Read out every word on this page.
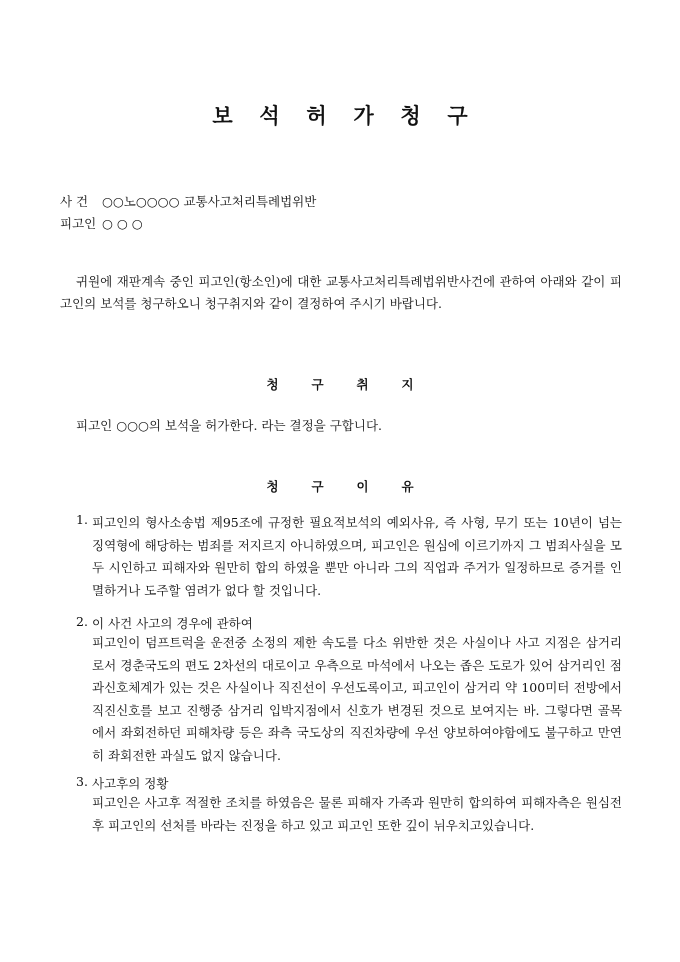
보 석 허 가 청 구
사 건 ○○노○○○○ 교통사고처리특례법위반
피고인 ○ ○ ○
귀원에 재판계속 중인 피고인(항소인)에 대한 교통사고처리특례법위반사건에 관하여 아래와 같이 피고인의 보석를 청구하오니 청구취지와 같이 결정하여 주시기 바랍니다.
청	구	취	지
피고인 ○○○의 보석을 허가한다. 라는 결정을 구합니다.
청	구	이	유
1. 피고인의 형사소송법 제95조에 규정한 필요적보석의 예외사유, 즉 사형, 무기 또는 10년이 넘는 징역형에 해당하는 범죄를 저지르지 아니하였으며, 피고인은 원심에 이르기까지 그 범죄사실을 모두 시인하고 피해자와 원만히 합의 하였을 뿐만 아니라 그의 직업과 주거가 일정하므로 증거를 인멸하거나 도주할 염려가 없다 할 것입니다.
2. 이 사건 사고의 경우에 관하여
피고인이 덤프트럭을 운전중 소정의 제한 속도를 다소 위반한 것은 사실이나 사고 지점은 삼거리로서 경춘국도의 편도 2차선의 대로이고 우측으로 마석에서 나오는 좁은 도로가 있어 삼거리인 점과신호체계가 있는 것은 사실이나 직진선이 우선도록이고, 피고인이 삼거리 약 100미터 전방에서 직진신호를 보고 진행중 삼거리 입박지점에서 신호가 변경된 것으로 보여지는 바. 그렇다면 골목에서 좌회전하던 피해차량 등은 좌측 국도상의 직진차량에 우선 양보하여야함에도 불구하고 만연히 좌회전한 과실도 없지 않습니다.
3. 사고후의 정황
피고인은 사고후 적절한 조치를 하였음은 물론 피해자 가족과 원만히 합의하여 피해자측은 원심전후 피고인의 선처를 바라는 진정을 하고 있고 피고인 또한 깊이 뉘우치고있습니다.
